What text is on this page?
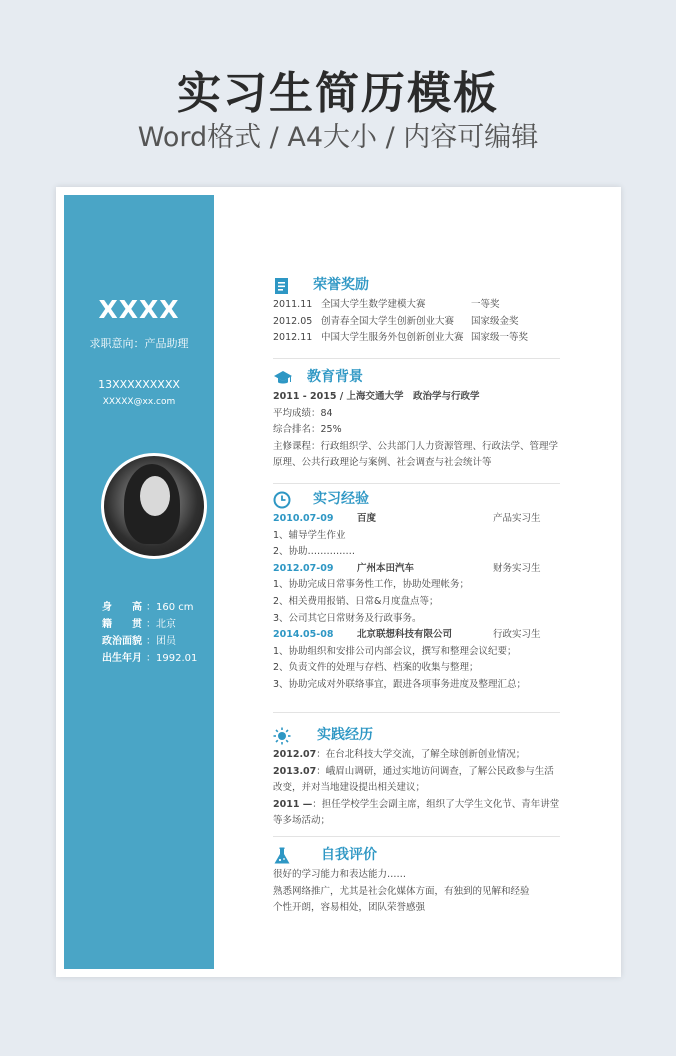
实习生简历模板
Word格式 / A4大小 / 内容可编辑
XXXX
求职意向：产品助理
13XXXXXXXXX
XXXXX@xx.com
身　　高 ：160 cm
籍　　贯 ：北京
政治面貌 ：团员
出生年月 ：1992.01
荣誉奖励
2011.11 全国大学生数学建模大赛	一等奖
2012.05 创青春全国大学生创新创业大赛 国家级金奖
2012.11 中国大学生服务外包创新创业大赛 国家级一等奖
教育背景
2011 - 2015 / 上海交通大学　政治学与行政学
平均成绩：84
综合排名：25%
主修课程：行政组织学、公共部门人力资源管理、行政法学、管理学原理、公共行政理论与案例、社会调查与社会统计等
实习经验
2010.07-09 百度	产品实习生
1、辅导学生作业
2、协助……………
2012.07-09 广州本田汽车	财务实习生
1、协助完成日常事务性工作，协助处理帐务；
2、相关费用报销、日常&月度盘点等；
3、公司其它日常财务及行政事务。
2014.05-08 北京联想科技有限公司	行政实习生
1、协助组织和安排公司内部会议，撰写和整理会议纪要；
2、负责文件的处理与存档、档案的收集与整理；
3、协助完成对外联络事宜，跟进各项事务进度及整理汇总；
实践经历
2012.07：在台北科技大学交流，了解全球创新创业情况；
2013.07：峨眉山调研，通过实地访问调查，了解公民政参与生活改变，并对当地建设提出相关建议；
2011 —：担任学校学生会副主席，组织了大学生文化节、青年讲堂等多场活动；
自我评价
很好的学习能力和表达能力……
熟悉网络推广，尤其是社会化媒体方面，有独到的见解和经验
个性开朗，容易相处，团队荣誉感强
